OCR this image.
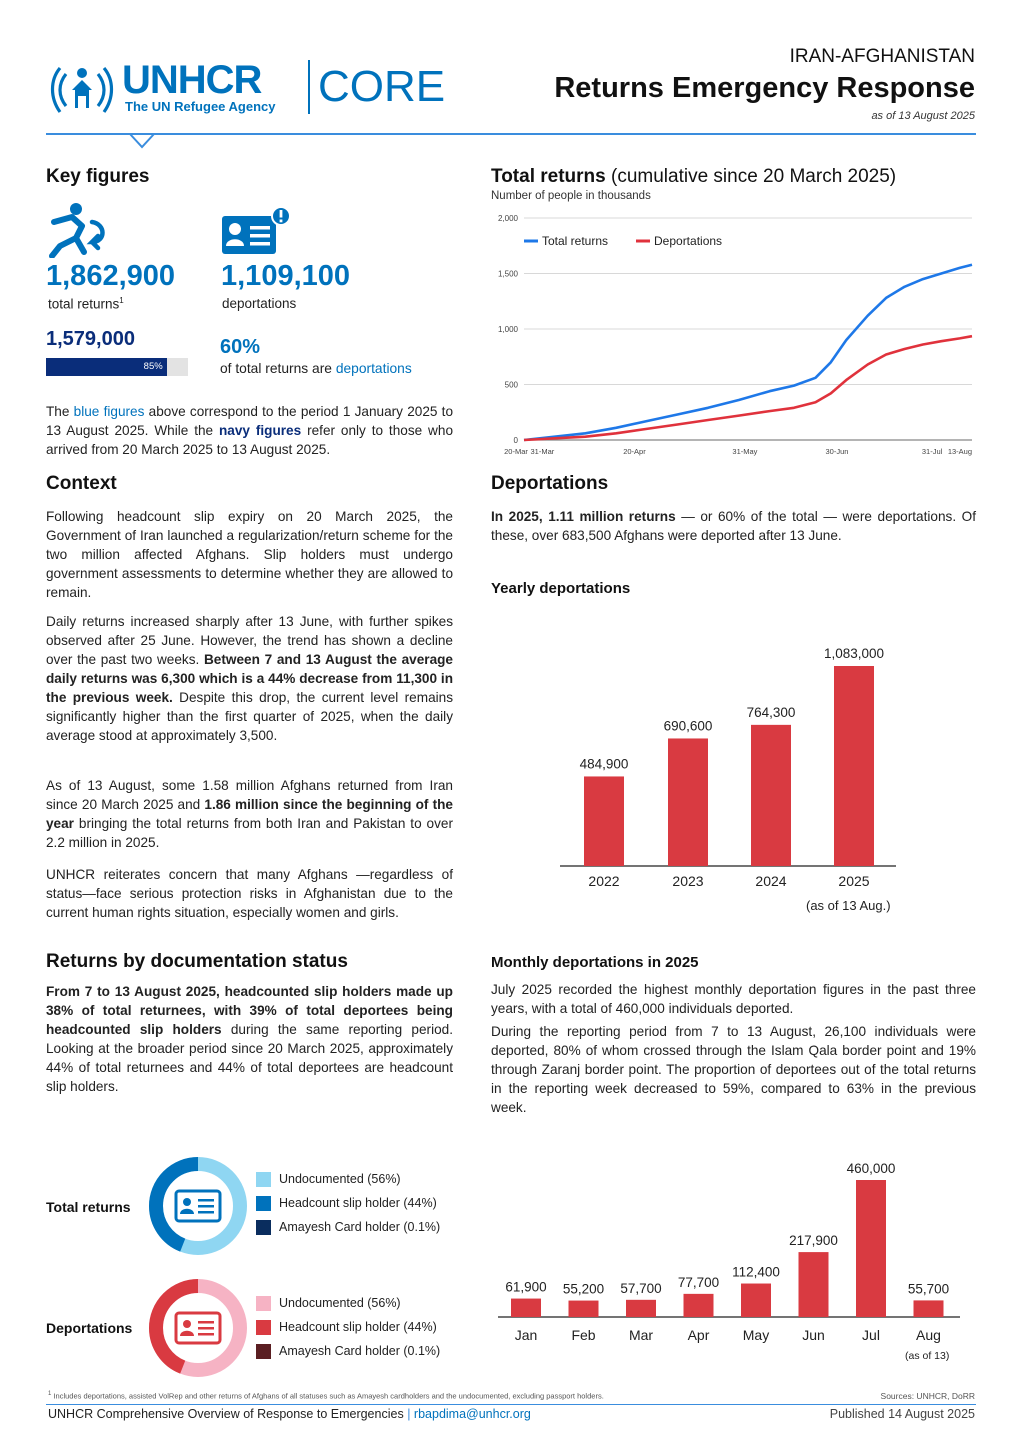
UNHCR
The UN Refugee Agency CORE
IRAN-AFGHANISTAN
Returns Emergency Response
as of 13 August 2025
Key figures
1,862,900
total returns$^1$
1,109,100
deportations
1,579,000
85%
60%
of total returns are deportations
The blue figures above correspond to the period 1 January 2025 to 13 August 2025. While the navy figures refer only to those who arrived from 20 March 2025 to 13 August 2025.
Context
Following headcount slip expiry on 20 March 2025, the Government of Iran launched a regularization/return scheme for the two million affected Afghans. Slip holders must undergo government assessments to determine whether they are allowed to remain.
Daily returns increased sharply after 13 June, with further spikes observed after 25 June. However, the trend has shown a decline over the past two weeks. Between 7 and 13 August the average daily returns was 6,300 which is a 44% decrease from 11,300 in the previous week. Despite this drop, the current level remains significantly higher than the first quarter of 2025, when the daily average stood at approximately 3,500.
As of 13 August, some 1.58 million Afghans returned from Iran since 20 March 2025 and 1.86 million since the beginning of the year bringing the total returns from both Iran and Pakistan to over 2.2 million in 2025.
UNHCR reiterates concern that many Afghans —regardless of status—face serious protection risks in Afghanistan due to the current human rights situation, especially women and girls.
Returns by documentation status
From 7 to 13 August 2025, headcounted slip holders made up 38% of total returnees, with 39% of total deportees being headcounted slip holders during the same reporting period. Looking at the broader period since 20 March 2025, approximately 44% of total returnees and 44% of total deportees are headcount slip holders.
Total returns
Undocumented (56%)
Headcount slip holder (44%)
Amayesh Card holder (0.1%)
Deportations
Undocumented (56%)
Headcount slip holder (44%)
Amayesh Card holder (0.1%)
Total returns (cumulative since 20 March 2025)
Number of people in thousands
0
500
1,000
1,500
2,000
20-Mar 31-Mar	20-Apr	31-May	30-Jun	31-Jul 13-Aug
Total returns	Deportations
Deportations
In 2025, 1.11 million returns — or 60% of the total — were deportations. Of these, over 683,500 Afghans were deported after 13 June.
Yearly deportations
484,900
2022
690,600
2023
764,300
2024
1,083,000
2025
(as of 13 Aug.)
Monthly deportations in 2025
July 2025 recorded the highest monthly deportation figures in the past three years, with a total of 460,000 individuals deported.
During the reporting period from 7 to 13 August, 26,100 individuals were deported, 80% of whom crossed through the Islam Qala border point and 19% through Zaranj border point. The proportion of deportees out of the total returns in the reporting week decreased to 59%, compared to 63% in the previous week.
61,900
Jan
55,200
Feb
57,700
Mar
77,700
Apr
112,400
May
217,900
Jun
460,000
Jul
55,700
Aug
(as of 13)
$^1$ Includes deportations, assisted VolRep and other returns of Afghans of all statuses such as Amayesh cardholders and the undocumented, excluding passport holders.	Sources: UNHCR, DoRR
UNHCR Comprehensive Overview of Response to Emergencies | rbapdima@unhcr.org	Published 14 August 2025
